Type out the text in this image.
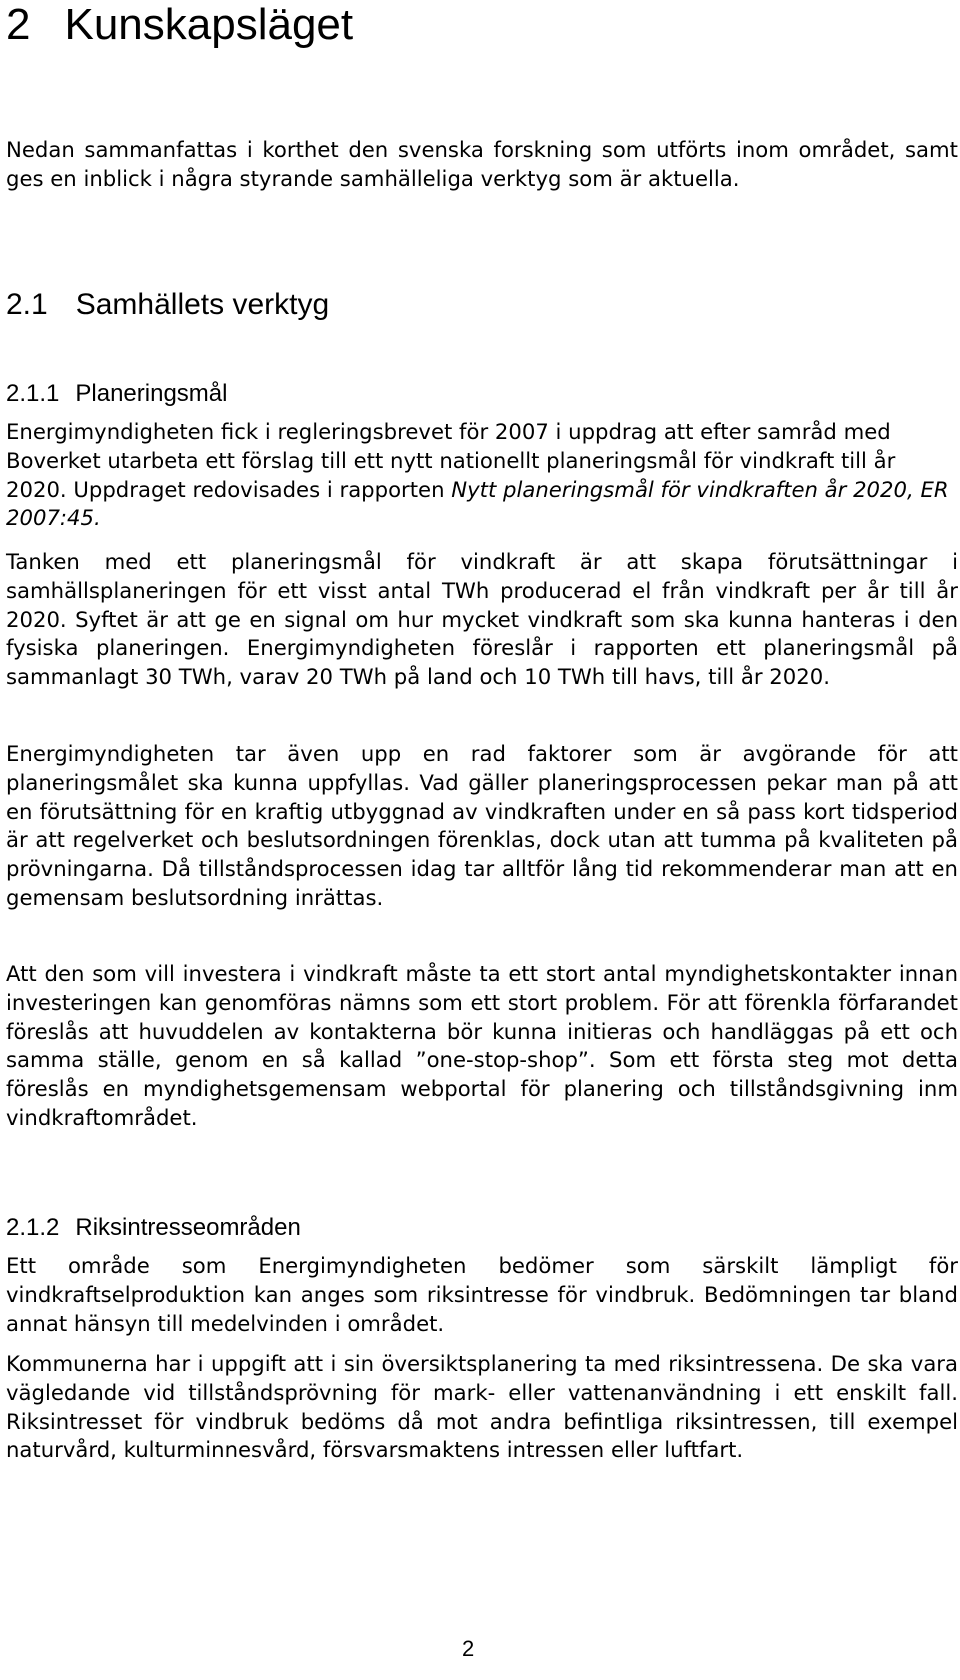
2 Kunskapsläget

Nedan sammanfattas i korthet den svenska forskning som utförts inom området, samt ges en inblick i några styrande samhälleliga verktyg som är aktuella.

2.1 Samhällets verktyg
2.1.1 Planeringsmål

Energimyndigheten fick i regleringsbrevet för 2007 i uppdrag att efter samråd med Boverket utarbeta ett förslag till ett nytt nationellt planeringsmål för vindkraft till år 2020. Uppdraget redovisades i rapporten Nytt planeringsmål för vindkraften år 2020, ER 2007:45.

Tanken med ett planeringsmål för vindkraft är att skapa förutsättningar i samhällsplaneringen för ett visst antal TWh producerad el från vindkraft per år till år 2020. Syftet är att ge en signal om hur mycket vindkraft som ska kunna hanteras i den fysiska planeringen. Energimyndigheten föreslår i rapporten ett planeringsmål på sammanlagt 30 TWh, varav 20 TWh på land och 10 TWh till havs, till år 2020.

Energimyndigheten tar även upp en rad faktorer som är avgörande för att planeringsmålet ska kunna uppfyllas. Vad gäller planeringsprocessen pekar man på att en förutsättning för en kraftig utbyggnad av vindkraften under en så pass kort tidsperiod är att regelverket och beslutsordningen förenklas, dock utan att tumma på kvaliteten på prövningarna. Då tillståndsprocessen idag tar alltför lång tid rekommenderar man att en gemensam beslutsordning inrättas.

Att den som vill investera i vindkraft måste ta ett stort antal myndighetskontakter innan investeringen kan genomföras nämns som ett stort problem. För att förenkla förfarandet föreslås att huvuddelen av kontakterna bör kunna initieras och handläggas på ett och samma ställe, genom en så kallad ”one-stop-shop”. Som ett första steg mot detta föreslås en myndighetsgemensam webportal för planering och tillståndsgivning inm vindkraftområdet.

2.1.2 Riksintresseområden

Ett område som Energimyndigheten bedömer som särskilt lämpligt för vindkraftselproduktion kan anges som riksintresse för vindbruk. Bedömningen tar bland annat hänsyn till medelvinden i området.

Kommunerna har i uppgift att i sin översiktsplanering ta med riksintressena. De ska vara vägledande vid tillståndsprövning för mark- eller vattenanvändning i ett enskilt fall. Riksintresset för vindbruk bedöms då mot andra befintliga riksintressen, till exempel naturvård, kulturminnesvård, försvarsmaktens intressen eller luftfart.

2
